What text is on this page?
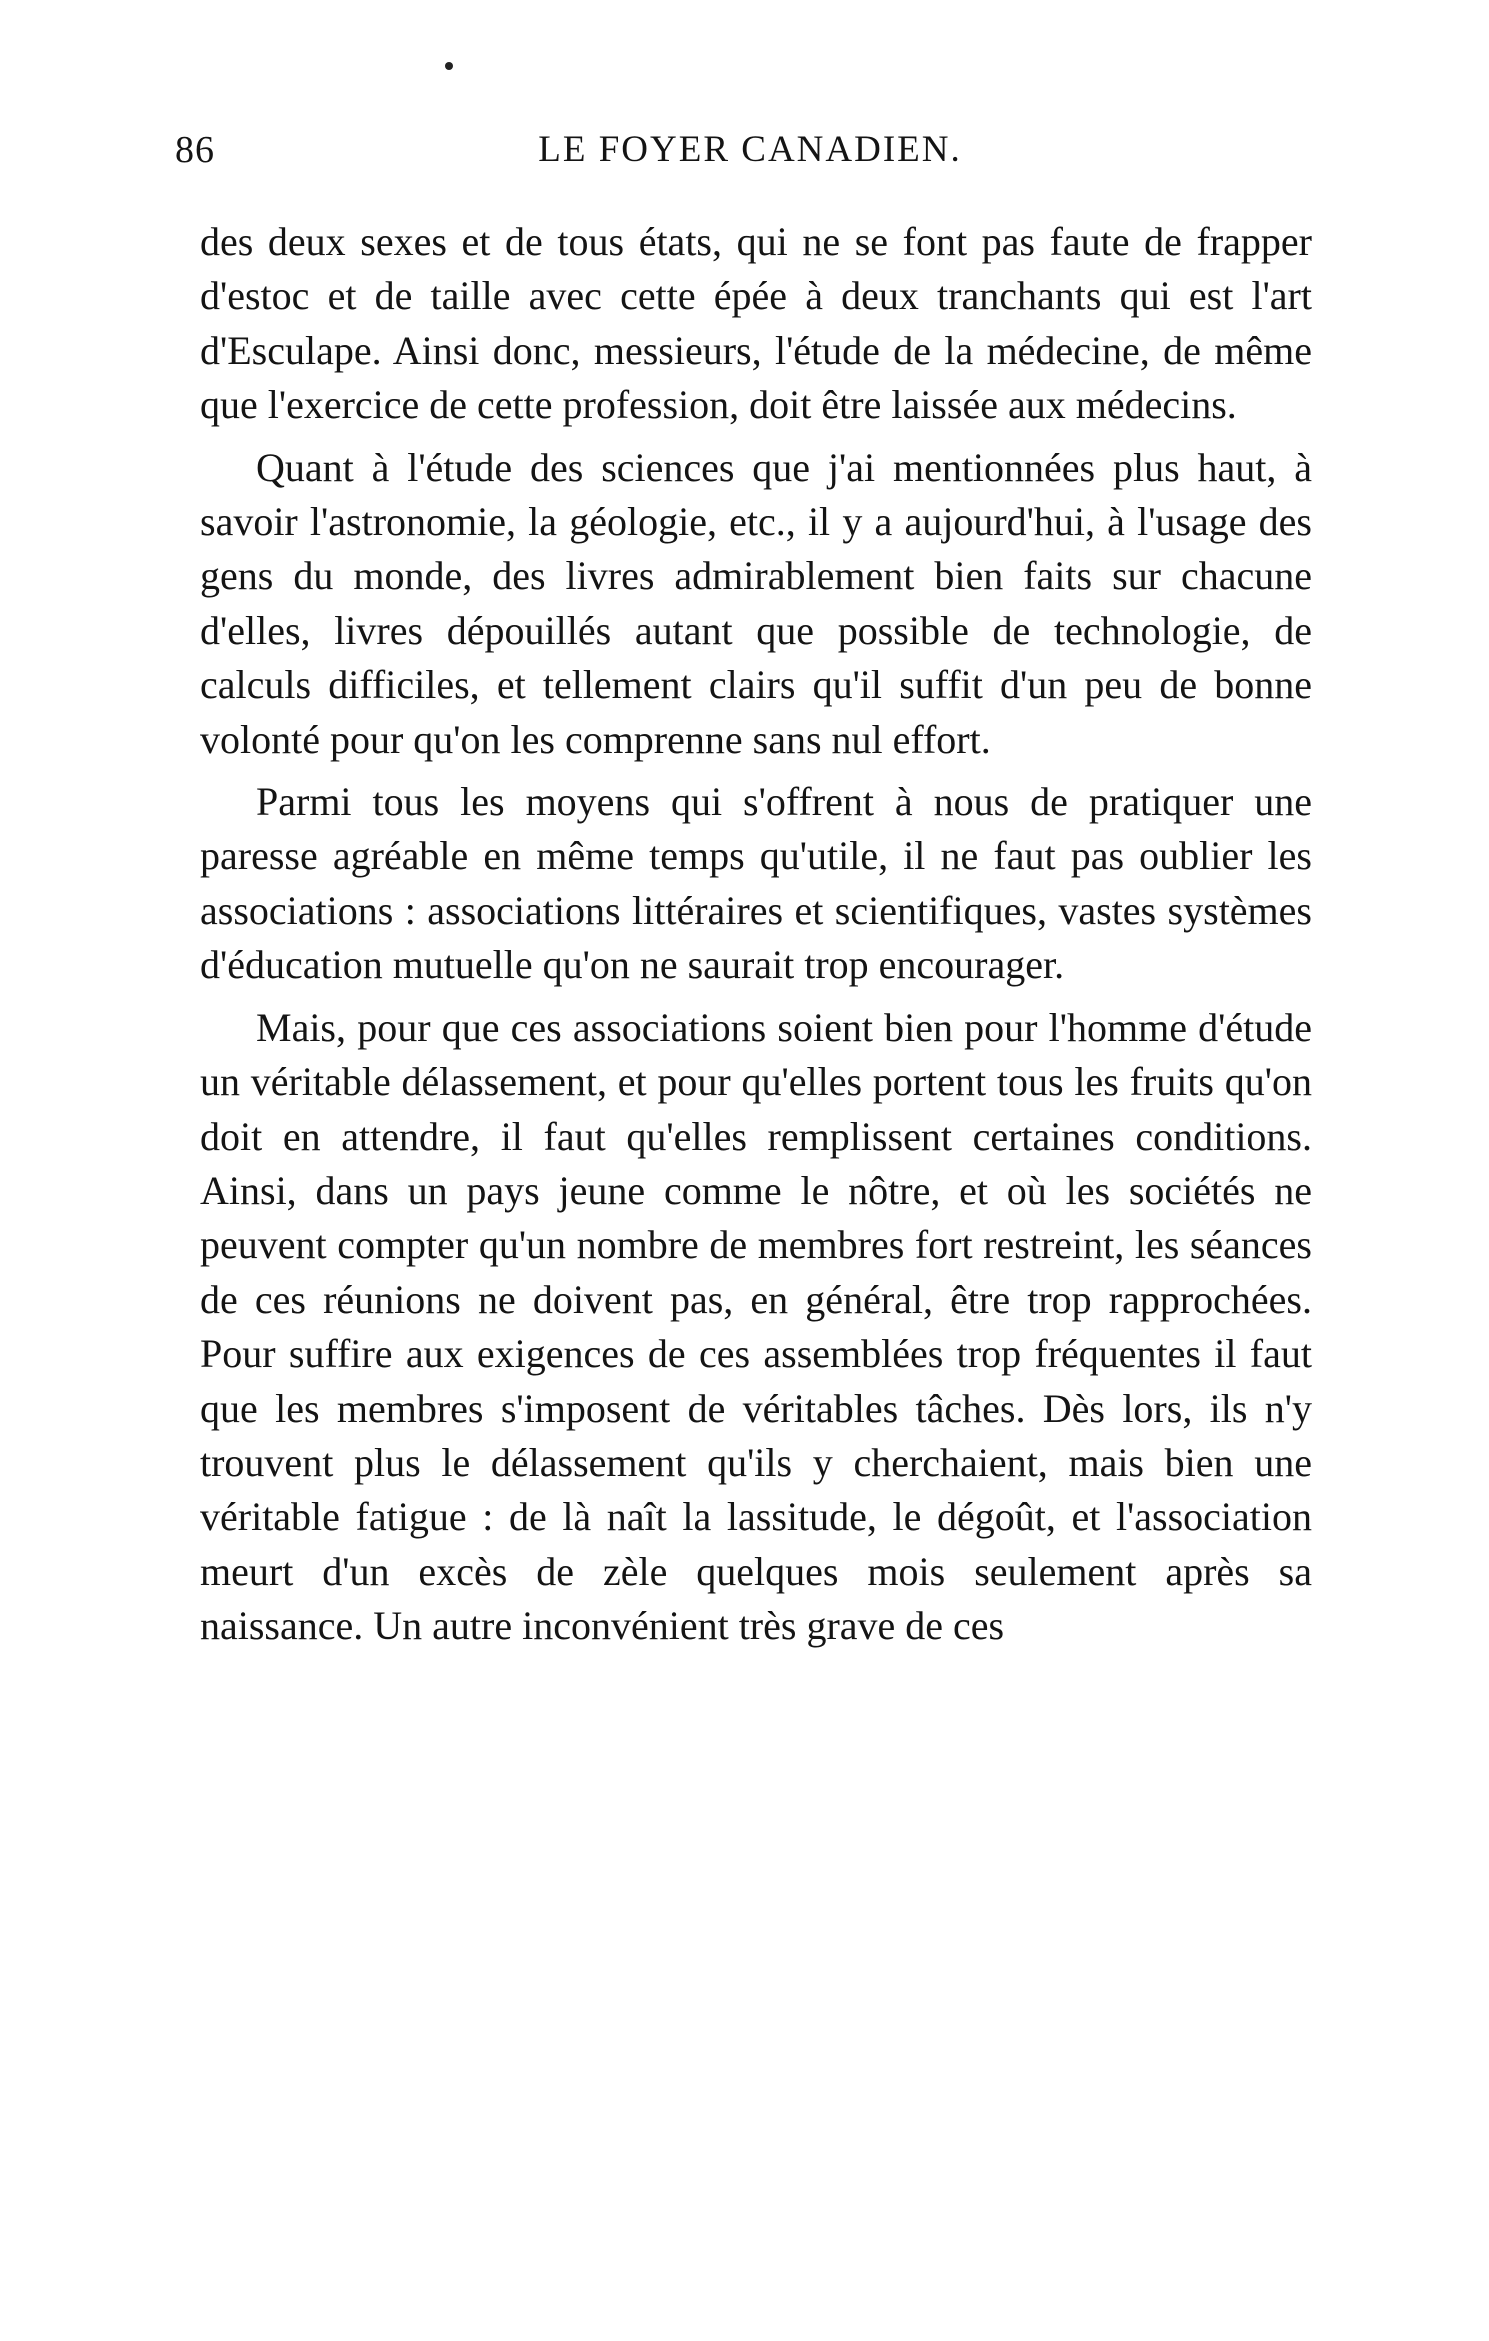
86	LE FOYER CANADIEN.

des deux sexes et de tous états, qui ne se font pas faute de frapper d'estoc et de taille avec cette épée à deux tranchants qui est l'art d'Esculape. Ainsi donc, messieurs, l'étude de la médecine, de même que l'exercice de cette profession, doit être laissée aux médecins.

Quant à l'étude des sciences que j'ai mentionnées plus haut, à savoir l'astronomie, la géologie, etc., il y a aujourd'hui, à l'usage des gens du monde, des livres admirablement bien faits sur chacune d'elles, livres dépouillés autant que possible de technologie, de calculs difficiles, et tellement clairs qu'il suffit d'un peu de bonne volonté pour qu'on les comprenne sans nul effort.

Parmi tous les moyens qui s'offrent à nous de pratiquer une paresse agréable en même temps qu'utile, il ne faut pas oublier les associations : associations littéraires et scientifiques, vastes systèmes d'éducation mutuelle qu'on ne saurait trop encourager.

Mais, pour que ces associations soient bien pour l'homme d'étude un véritable délassement, et pour qu'elles portent tous les fruits qu'on doit en attendre, il faut qu'elles remplissent certaines conditions. Ainsi, dans un pays jeune comme le nôtre, et où les sociétés ne peuvent compter qu'un nombre de membres fort restreint, les séances de ces réunions ne doivent pas, en général, être trop rapprochées. Pour suffire aux exigences de ces assemblées trop fréquentes il faut que les membres s'imposent de véritables tâches. Dès lors, ils n'y trouvent plus le délassement qu'ils y cherchaient, mais bien une véritable fatigue : de là naît la lassitude, le dégoût, et l'association meurt d'un excès de zèle quelques mois seulement après sa naissance. Un autre inconvénient très grave de ces
